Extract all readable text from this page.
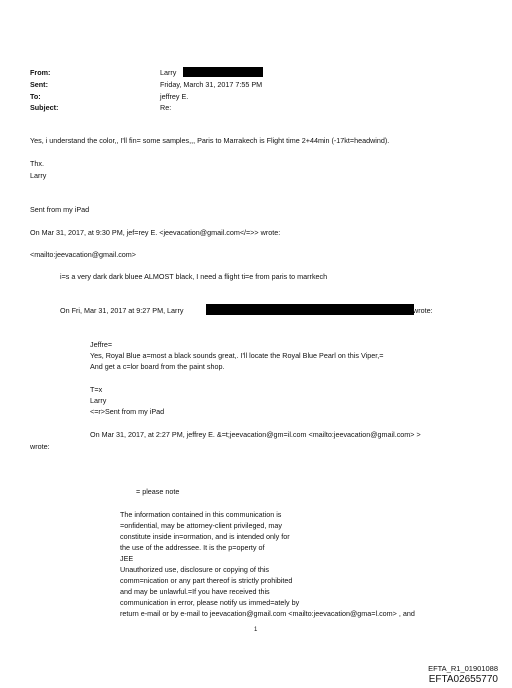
From:	Larry
Sent:	Friday, March 31, 2017 7:55 PM
To:	jeffrey E.
Subject:	Re:
Yes, i understand the color,, I'll fin= some samples,,, Paris to Marrakech is Flight time 2+44min (-17kt=headwind).
Thx.
Larry
Sent from my iPad
On Mar 31, 2017, at 9:30 PM, jef=rey E. <jeevacation@gmail.com</=>> wrote:
<mailto:jeevacation@gmail.com>
i=s a very dark dark bluee ALMOST black, I need a flight ti=e from paris to marrkech
On Fri, Mar 31, 2017 at 9:27 PM, Larry	wrote:
Jeffre=
Yes, Royal Blue a=most a black sounds great,. I'll locate the Royal Blue Pearl on this Viper,=
And get a c=lor board from the paint shop.
T=x
Larry
<=r>Sent from my iPad
On Mar 31, 2017, at 2:27 PM, jeffrey E. &=t;jeevacation@gm=il.com <mailto:jeevacation@gmail.com> >
wrote:
= please note
The information contained in this communication is
=onfidential, may be attorney-client privileged, may
constitute inside in=ormation, and is intended only for
the use of the addressee. It is the p=operty of
JEE
Unauthorized use, disclosure or copying of this
comm=nication or any part thereof is strictly prohibited
and may be unlawful.=If you have received this
communication in error, please notify us immed=ately by
return e-mail or by e-mail to jeevacation@gmail.com <mailto:jeevacation@gma=l.com> , and
1
EFTA_R1_01901088
EFTA02655770
